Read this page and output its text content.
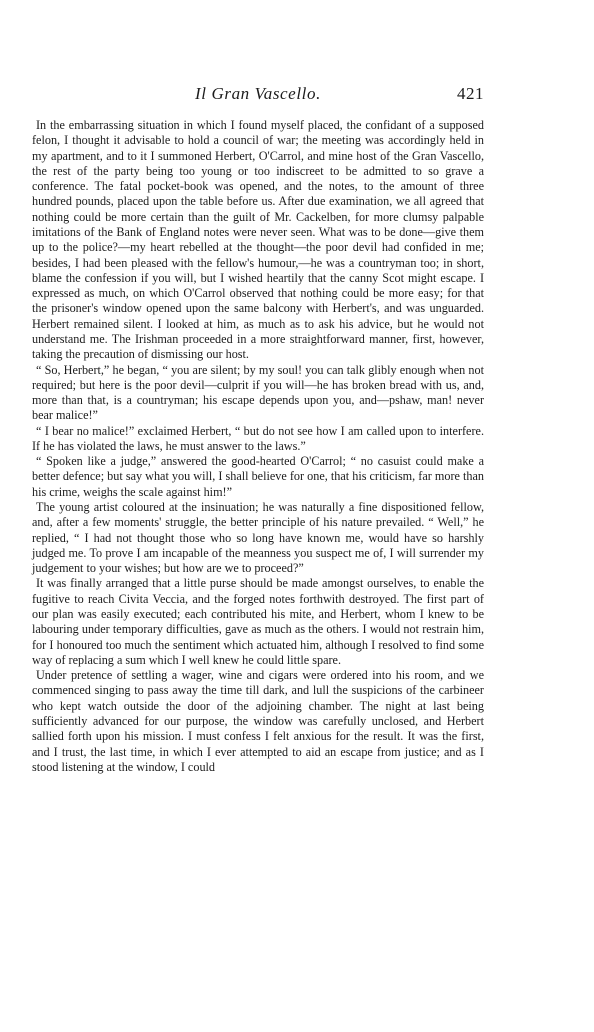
Il Gran Vascello.	421

In the embarrassing situation in which I found myself placed, the confidant of a supposed felon, I thought it advisable to hold a council of war; the meeting was accordingly held in my apartment, and to it I summoned Herbert, O'Carrol, and mine host of the Gran Vascello, the rest of the party being too young or too indiscreet to be admitted to so grave a conference. The fatal pocket-book was opened, and the notes, to the amount of three hundred pounds, placed upon the table before us. After due examination, we all agreed that nothing could be more certain than the guilt of Mr. Cackelben, for more clumsy palpable imitations of the Bank of England notes were never seen. What was to be done—give them up to the police?—my heart rebelled at the thought—the poor devil had confided in me; besides, I had been pleased with the fellow's humour,—he was a countryman too; in short, blame the confession if you will, but I wished heartily that the canny Scot might escape. I expressed as much, on which O'Carrol observed that nothing could be more easy; for that the prisoner's window opened upon the same balcony with Herbert's, and was unguarded. Herbert remained silent. I looked at him, as much as to ask his advice, but he would not understand me. The Irishman proceeded in a more straightforward manner, first, however, taking the precaution of dismissing our host.

“ So, Herbert,” he began, “ you are silent; by my soul! you can talk glibly enough when not required; but here is the poor devil—culprit if you will—he has broken bread with us, and, more than that, is a countryman; his escape depends upon you, and—pshaw, man! never bear malice!”

“ I bear no malice!” exclaimed Herbert, “ but do not see how I am called upon to interfere. If he has violated the laws, he must answer to the laws.”

“ Spoken like a judge,” answered the good-hearted O'Carrol; “ no casuist could make a better defence; but say what you will, I shall believe for one, that his criticism, far more than his crime, weighs the scale against him!”

The young artist coloured at the insinuation; he was naturally a fine dispositioned fellow, and, after a few moments' struggle, the better principle of his nature prevailed. “ Well,” he replied, “ I had not thought those who so long have known me, would have so harshly judged me. To prove I am incapable of the meanness you suspect me of, I will surrender my judgement to your wishes; but how are we to proceed?”

It was finally arranged that a little purse should be made amongst ourselves, to enable the fugitive to reach Civita Veccia, and the forged notes forthwith destroyed. The first part of our plan was easily executed; each contributed his mite, and Herbert, whom I knew to be labouring under temporary difficulties, gave as much as the others. I would not restrain him, for I honoured too much the sentiment which actuated him, although I resolved to find some way of replacing a sum which I well knew he could little spare.

Under pretence of settling a wager, wine and cigars were ordered into his room, and we commenced singing to pass away the time till dark, and lull the suspicions of the carbineer who kept watch outside the door of the adjoining chamber. The night at last being sufficiently advanced for our purpose, the window was carefully unclosed, and Herbert sallied forth upon his mission. I must confess I felt anxious for the result. It was the first, and I trust, the last time, in which I ever attempted to aid an escape from justice; and as I stood listening at the window, I could
